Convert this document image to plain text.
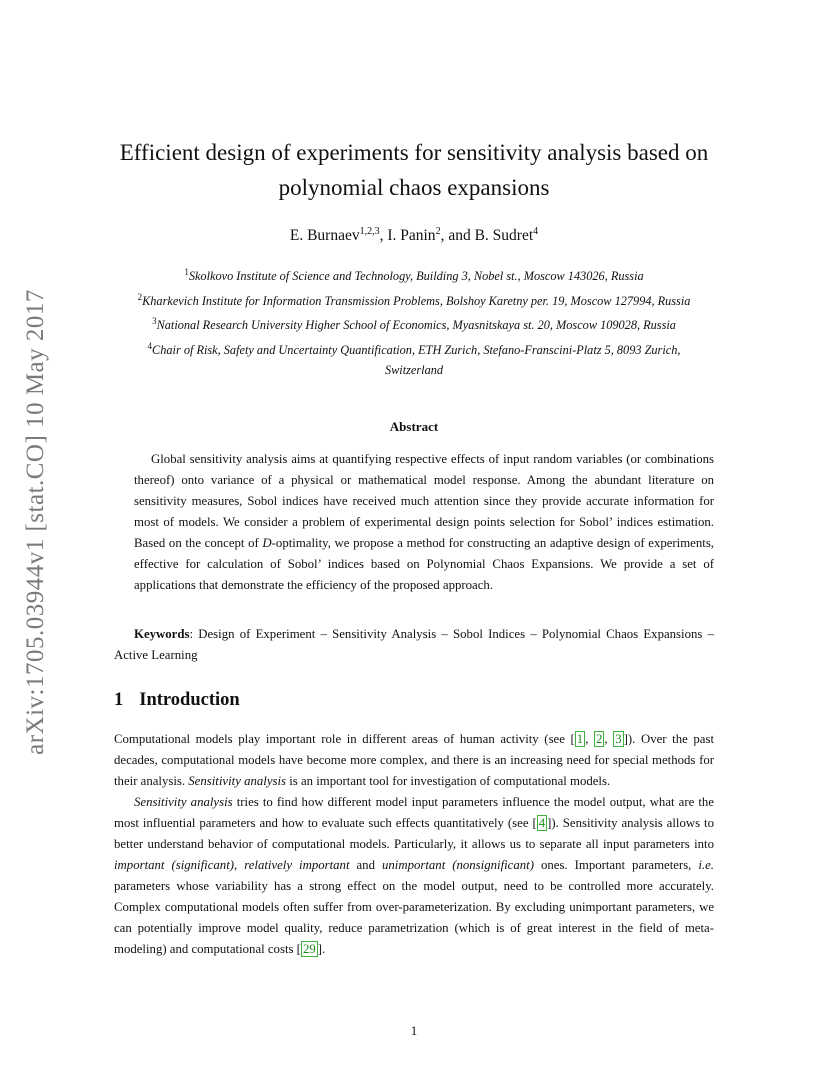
arXiv:1705.03944v1 [stat.CO] 10 May 2017
Efficient design of experiments for sensitivity analysis based on
polynomial chaos expansions
E. Burnaev$^{1,2,3}$, I. Panin$^2$, and B. Sudret$^4$
$^1$Skolkovo Institute of Science and Technology, Building 3, Nobel st., Moscow 143026, Russia
$^2$Kharkevich Institute for Information Transmission Problems, Bolshoy Karetny per. 19, Moscow 127994, Russia
$^3$National Research University Higher School of Economics, Myasnitskaya st. 20, Moscow 109028, Russia
$^4$Chair of Risk, Safety and Uncertainty Quantification, ETH Zurich, Stefano-Franscini-Platz 5, 8093 Zurich,
Switzerland
Abstract

Global sensitivity analysis aims at quantifying respective effects of input random variables (or combinations thereof) onto variance of a physical or mathematical model response. Among the abundant literature on sensitivity measures, Sobol indices have received much attention since they provide accurate information for most of models. We consider a problem of experimental design points selection for Sobol’ indices estimation. Based on the concept of D-optimality, we propose a method for constructing an adaptive design of experiments, effective for calculation of Sobol’ indices based on Polynomial Chaos Expansions. We provide a set of applications that demonstrate the efficiency of the proposed approach.

Keywords: Design of Experiment – Sensitivity Analysis – Sobol Indices – Polynomial Chaos Expansions – Active Learning

1 Introduction

Computational models play important role in different areas of human activity (see [ 1 , 2 , 3 ]). Over the past decades, computational models have become more complex, and there is an increasing need for special methods for their analysis. Sensitivity analysis is an important tool for investigation of computational models.

Sensitivity analysis tries to find how different model input parameters influence the model output, what are the most influential parameters and how to evaluate such effects quantitatively (see [ 4 ]). Sensitivity analysis allows to better understand behavior of computational models. Particularly, it allows us to separate all input parameters into important (significant), relatively important and unimportant (nonsignificant) ones. Important parameters, i.e. parameters whose variability has a strong effect on the model output, need to be controlled more accurately. Complex computational models often suffer from over-parameterization. By excluding unimportant parameters, we can potentially improve model quality, reduce parametrization (which is of great interest in the field of meta-modeling) and computational costs [ 29 ].

1
